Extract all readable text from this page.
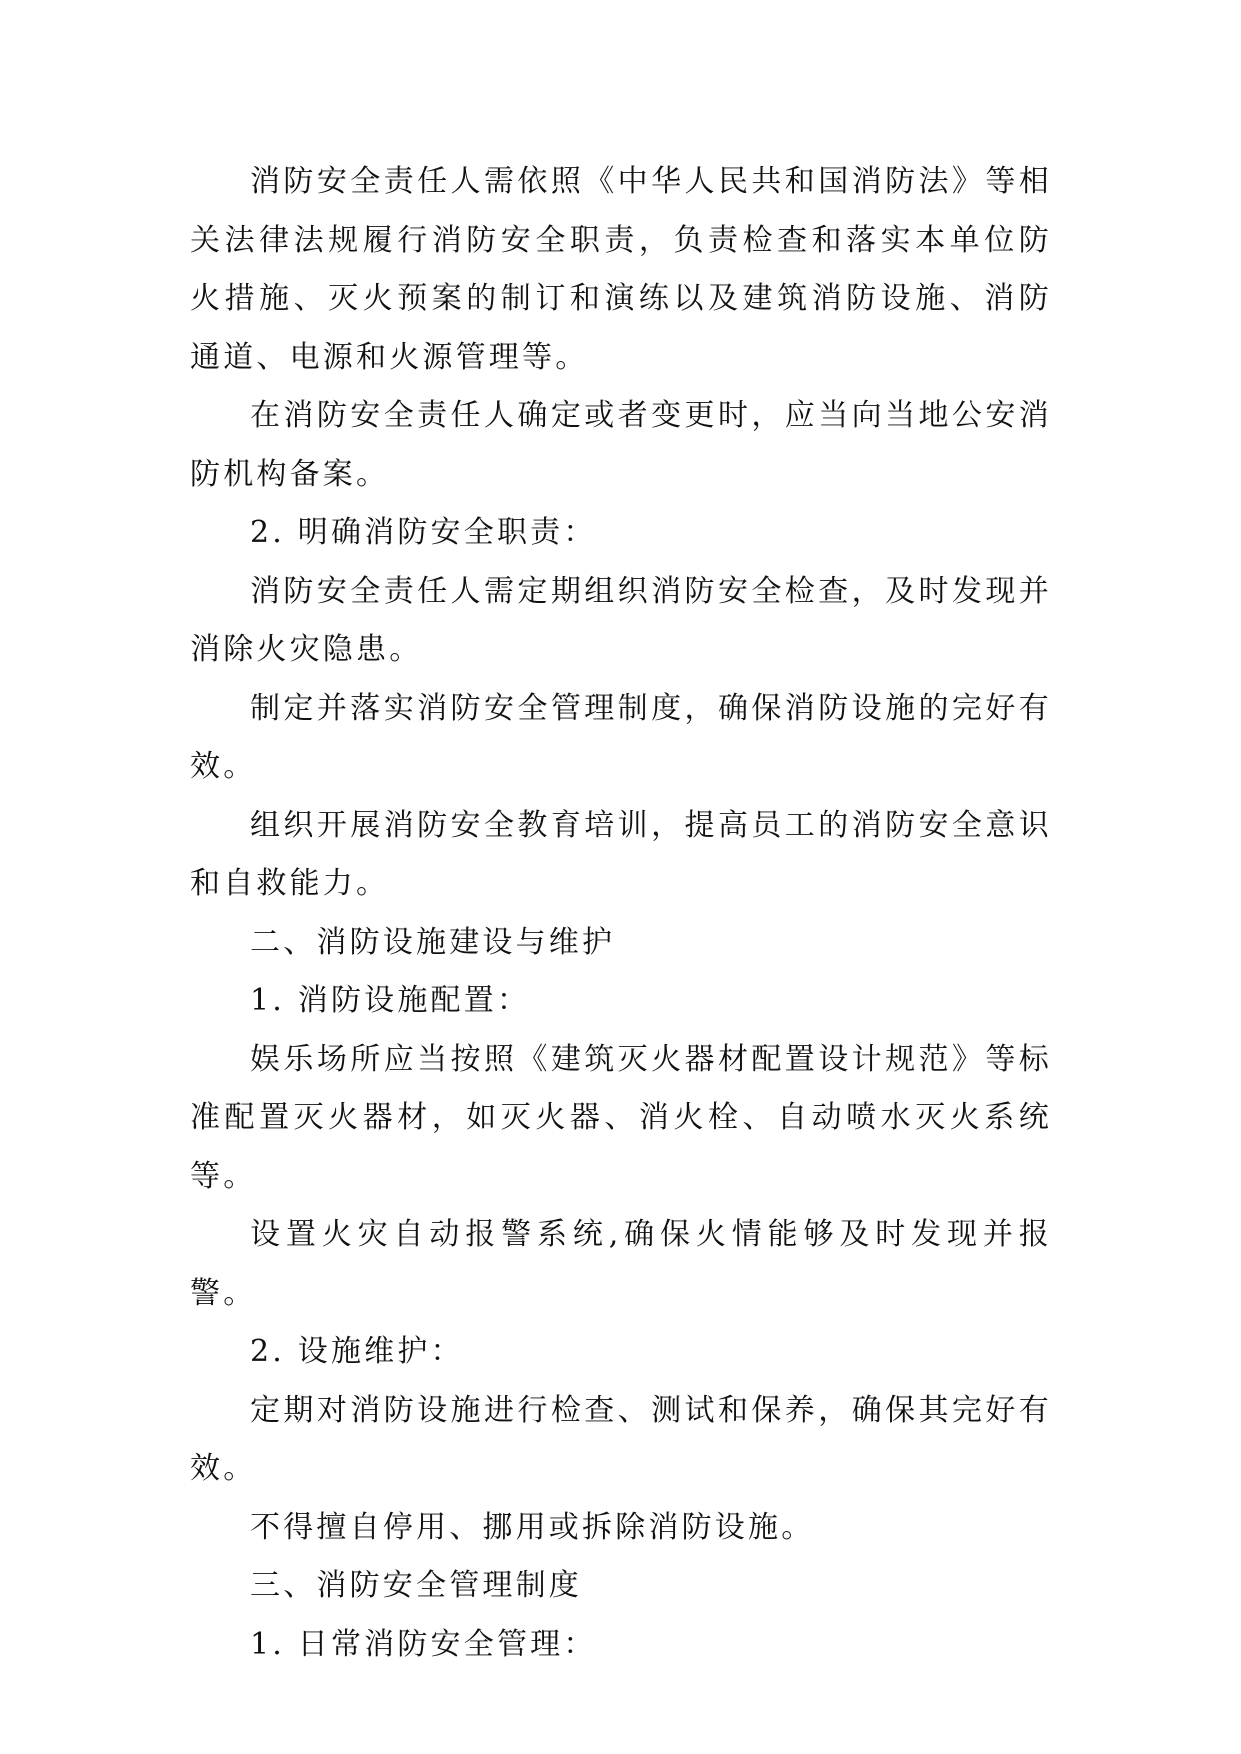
消防安全责任人需依照《中华人民共和国消防法》等相关法律法规履行消防安全职责，负责检查和落实本单位防火措施、灭火预案的制订和演练以及建筑消防设施、消防通道、电源和火源管理等。

在消防安全责任人确定或者变更时，应当向当地公安消防机构备案。

2. 明确消防安全职责：

消防安全责任人需定期组织消防安全检查，及时发现并消除火灾隐患。

制定并落实消防安全管理制度，确保消防设施的完好有效。

组织开展消防安全教育培训，提高员工的消防安全意识和自救能力。

二、消防设施建设与维护

1. 消防设施配置：

娱乐场所应当按照《建筑灭火器材配置设计规范》等标准配置灭火器材，如灭火器、消火栓、自动喷水灭火系统等。

设置火灾自动报警系统,确保火情能够及时发现并报警。

2. 设施维护：

定期对消防设施进行检查、测试和保养，确保其完好有效。

不得擅自停用、挪用或拆除消防设施。

三、消防安全管理制度

1. 日常消防安全管理：
